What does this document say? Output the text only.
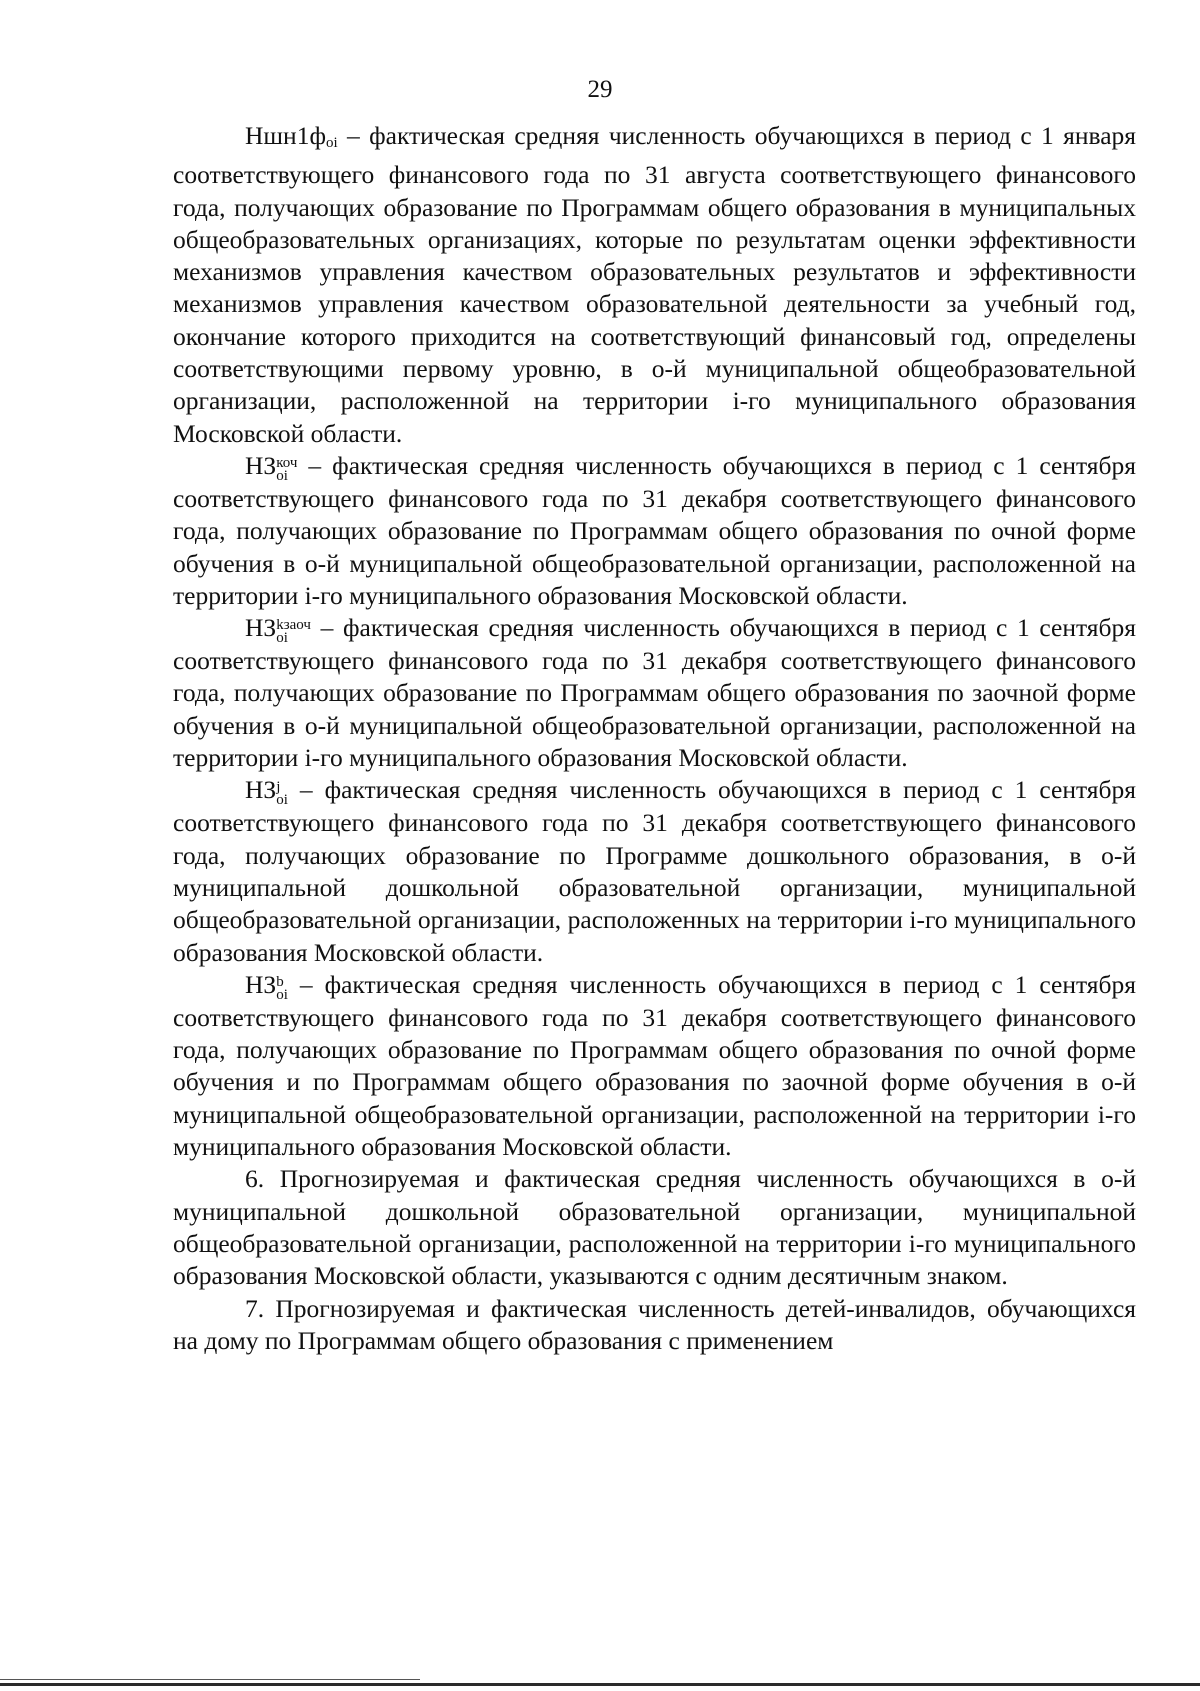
29

Ншн1фoi – фактическая средняя численность обучающихся в период с 1 января соответствующего финансового года по 31 августа соответствующего финансового года, получающих образование по Программам общего образования в муниципальных общеобразовательных организациях, которые по результатам оценки эффективности механизмов управления качеством образовательных результатов и эффективности механизмов управления качеством образовательной деятельности за учебный год, окончание которого приходится на соответствующий финансовый год, определены соответствующими первому уровню, в о-й муниципальной общеобразовательной организации, расположенной на территории i-го муниципального образования Московской области.

НЗ коч
oi – фактическая средняя численность обучающихся в период с 1 сентября соответствующего финансового года по 31 декабря соответствующего финансового года, получающих образование по Программам общего образования по очной форме обучения в о-й муниципальной общеобразовательной организации, расположенной на территории i-го муниципального образования Московской области.

НЗ kзаоч
oi – фактическая средняя численность обучающихся в период с 1 сентября соответствующего финансового года по 31 декабря соответствующего финансового года, получающих образование по Программам общего образования по заочной форме обучения в о-й муниципальной общеобразовательной организации, расположенной на территории i-го муниципального образования Московской области.

НЗ j
oi – фактическая средняя численность обучающихся в период с 1 сентября соответствующего финансового года по 31 декабря соответствующего финансового года, получающих образование по Программе дошкольного образования, в о-й муниципальной дошкольной образовательной организации, муниципальной общеобразовательной организации, расположенных на территории i-го муниципального образования Московской области.

НЗ b
oi – фактическая средняя численность обучающихся в период с 1 сентября соответствующего финансового года по 31 декабря соответствующего финансового года, получающих образование по Программам общего образования по очной форме обучения и по Программам общего образования по заочной форме обучения в о-й муниципальной общеобразовательной организации, расположенной на территории i-го муниципального образования Московской области.

6. Прогнозируемая и фактическая средняя численность обучающихся в о-й муниципальной дошкольной образовательной организации, муниципальной общеобразовательной организации, расположенной на территории i-го муниципального образования Московской области, указываются с одним десятичным знаком.

7. Прогнозируемая и фактическая численность детей-инвалидов, обучающихся на дому по Программам общего образования с применением
